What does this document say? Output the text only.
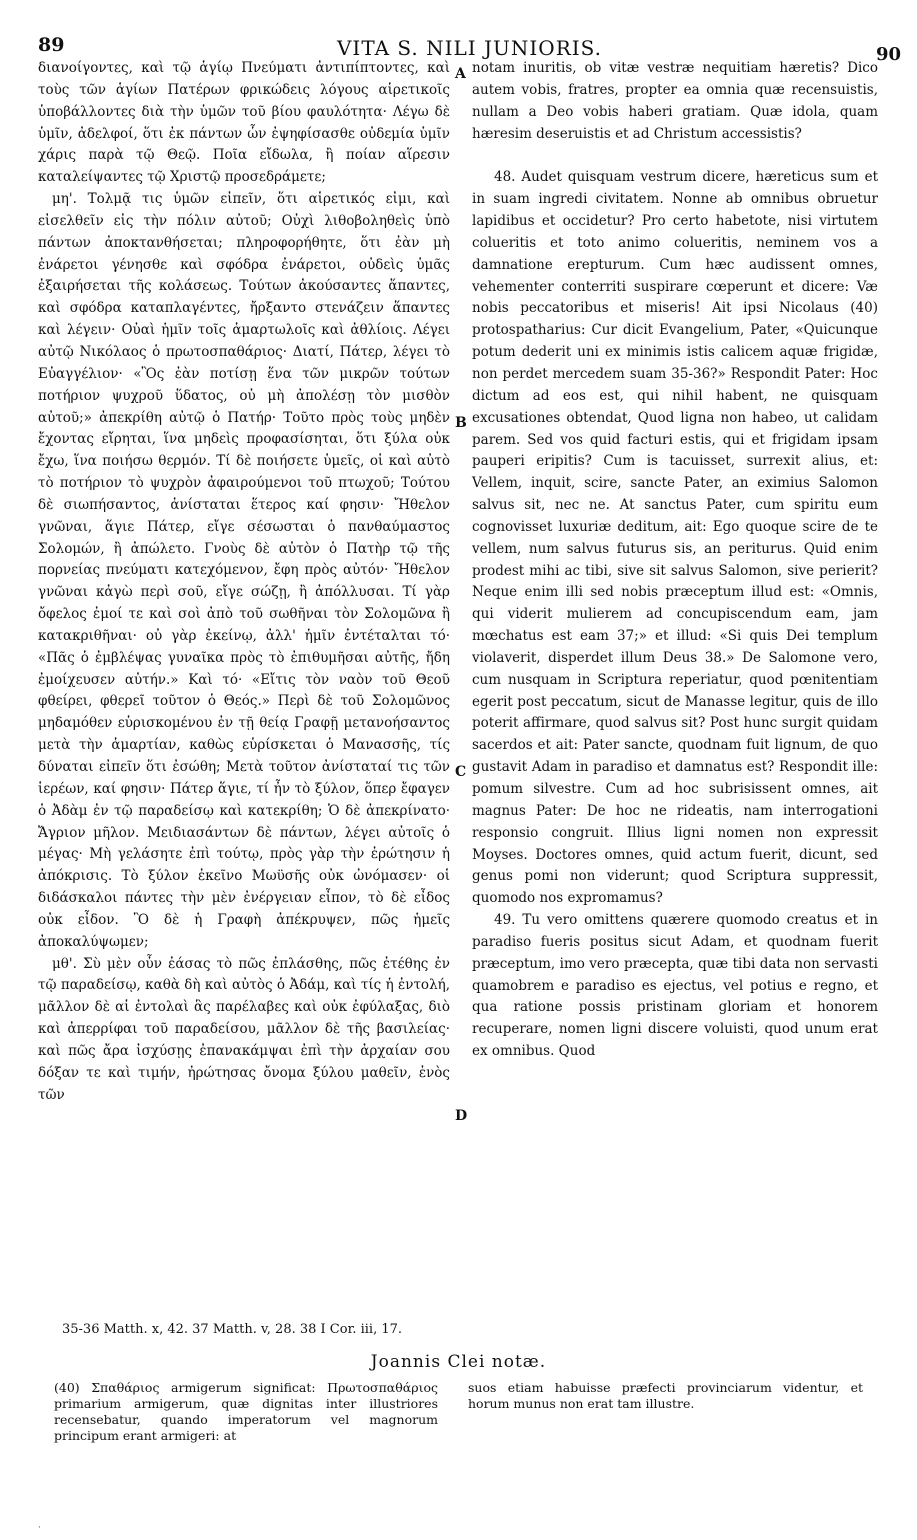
89	VITA S. NILI JUNIORIS.	90

διανοίγοντες, καὶ τῷ ἁγίῳ Πνεύματι ἀντιπίπτοντες, καὶ τοὺς τῶν ἁγίων Πατέρων φρικώδεις λόγους αἱρετικοῖς ὑποβάλλοντες διὰ τὴν ὑμῶν τοῦ βίου φαυλότητα· Λέγω δὲ ὑμῖν, ἀδελφοί, ὅτι ἐκ πάντων ὧν ἐψηφίσασθε οὐδεμία ὑμῖν χάρις παρὰ τῷ Θεῷ. Ποῖα εἴδωλα, ἢ ποίαν αἵρεσιν καταλείψαντες τῷ Χριστῷ προσεδράμετε;

μη'. Τολμᾷ τις ὑμῶν εἰπεῖν, ὅτι αἱρετικός εἰμι, καὶ εἰσελθεῖν εἰς τὴν πόλιν αὐτοῦ; Οὐχὶ λιθοβοληθεὶς ὑπὸ πάντων ἀποκτανθήσεται; πληροφορήθητε, ὅτι ἐὰν μὴ ἐνάρετοι γένησθε καὶ σφόδρα ἐνάρετοι, οὐδεὶς ὑμᾶς ἐξαιρήσεται τῆς κολάσεως. Τούτων ἀκούσαντες ἅπαντες, καὶ σφόδρα καταπλαγέντες, ἤρξαντο στενάζειν ἅπαντες καὶ λέγειν· Οὐαὶ ἡμῖν τοῖς ἁμαρτωλοῖς καὶ ἀθλίοις. Λέγει αὐτῷ Νικόλαος ὁ πρωτοσπαθάριος· Διατί, Πάτερ, λέγει τὸ Εὐαγγέλιον· «Ὃς ἐὰν ποτίσῃ ἕνα τῶν μικρῶν τούτων ποτήριον ψυχροῦ ὕδατος, οὐ μὴ ἀπολέσῃ τὸν μισθὸν αὐτοῦ;» ἀπεκρίθη αὐτῷ ὁ Πατήρ· Τοῦτο πρὸς τοὺς μηδὲν ἔχοντας εἴρηται, ἵνα μηδεὶς προφασίσηται, ὅτι ξύλα οὐκ ἔχω, ἵνα ποιήσω θερμόν. Τί δὲ ποιήσετε ὑμεῖς, οἱ καὶ αὐτὸ τὸ ποτήριον τὸ ψυχρὸν ἀφαιρούμενοι τοῦ πτωχοῦ; Τούτου δὲ σιωπήσαντος, ἀνίσταται ἕτερος καί φησιν· Ἤθελον γνῶναι, ἅγιε Πάτερ, εἴγε σέσωσται ὁ πανθαύμαστος Σολομών, ἢ ἀπώλετο. Γνοὺς δὲ αὐτὸν ὁ Πατὴρ τῷ τῆς πορνείας πνεύματι κατεχόμενον, ἔφη πρὸς αὐτόν· Ἤθελον γνῶναι κἀγὼ περὶ σοῦ, εἴγε σώζῃ, ἢ ἀπόλλυσαι. Τί γὰρ ὄφελος ἐμοί τε καὶ σοὶ ἀπὸ τοῦ σωθῆναι τὸν Σολομῶνα ἢ κατακριθῆναι· οὐ γὰρ ἐκείνῳ, ἀλλ' ἡμῖν ἐντέταλται τό· «Πᾶς ὁ ἐμβλέψας γυναῖκα πρὸς τὸ ἐπιθυμῆσαι αὐτῆς, ἤδη ἐμοίχευσεν αὐτήν.» Καὶ τό· «Εἴτις τὸν ναὸν τοῦ Θεοῦ φθείρει, φθερεῖ τοῦτον ὁ Θεός.» Περὶ δὲ τοῦ Σολομῶνος μηδαμόθεν εὑρισκομένου ἐν τῇ θείᾳ Γραφῇ μετανοήσαντος μετὰ τὴν ἁμαρτίαν, καθὼς εὑρίσκεται ὁ Μανασσῆς, τίς δύναται εἰπεῖν ὅτι ἐσώθη; Μετὰ τοῦτον ἀνίσταταί τις τῶν ἱερέων, καί φησιν· Πάτερ ἅγιε, τί ἦν τὸ ξύλον, ὅπερ ἔφαγεν ὁ Ἀδὰμ ἐν τῷ παραδείσῳ καὶ κατεκρίθη; Ὁ δὲ ἀπεκρίνατο· Ἄγριον μῆλον. Μειδιασάντων δὲ πάντων, λέγει αὐτοῖς ὁ μέγας· Μὴ γελάσητε ἐπὶ τούτῳ, πρὸς γὰρ τὴν ἐρώτησιν ἡ ἀπόκρισις. Τὸ ξύλον ἐκεῖνο Μωϋσῆς οὐκ ὠνόμασεν· οἱ διδάσκαλοι πάντες τὴν μὲν ἐνέργειαν εἶπον, τὸ δὲ εἶδος οὐκ εἶδον. Ὃ δὲ ἡ Γραφὴ ἀπέκρυψεν, πῶς ἡμεῖς ἀποκαλύψωμεν;

μθ'. Σὺ μὲν οὖν ἐάσας τὸ πῶς ἐπλάσθης, πῶς ἐτέθης ἐν τῷ παραδείσῳ, καθὰ δὴ καὶ αὐτὸς ὁ Ἀδάμ, καὶ τίς ἡ ἐντολή, μᾶλλον δὲ αἱ ἐντολαὶ ἃς παρέλαβες καὶ οὐκ ἐφύλαξας, διὸ καὶ ἀπερρίφαι τοῦ παραδείσου, μᾶλλον δὲ τῆς βασιλείας· καὶ πῶς ἄρα ἰσχύσῃς ἐπανακάμψαι ἐπὶ τὴν ἀρχαίαν σου δόξαν τε καὶ τιμήν, ἠρώτησας ὄνομα ξύλου μαθεῖν, ἑνὸς τῶν

notam inuritis, ob vitæ vestræ nequitiam hæretis? Dico autem vobis, fratres, propter ea omnia quæ recensuistis, nullam a Deo vobis haberi gratiam. Quæ idola, quam hæresim deseruistis et ad Christum accessistis?

48. Audet quisquam vestrum dicere, hæreticus sum et in suam ingredi civitatem. Nonne ab omnibus obruetur lapidibus et occidetur? Pro certo habetote, nisi virtutem colueritis et toto animo colueritis, neminem vos a damnatione erepturum. Cum hæc audissent omnes, vehementer conterriti suspirare cœperunt et dicere: Væ nobis peccatoribus et miseris! Ait ipsi Nicolaus (40) protospatharius: Cur dicit Evangelium, Pater, «Quicunque potum dederit uni ex minimis istis calicem aquæ frigidæ, non perdet mercedem suam 35-36?» Respondit Pater: Hoc dictum ad eos est, qui nihil habent, ne quisquam excusationes obtendat, Quod ligna non habeo, ut calidam parem. Sed vos quid facturi estis, qui et frigidam ipsam pauperi eripitis? Cum is tacuisset, surrexit alius, et: Vellem, inquit, scire, sancte Pater, an eximius Salomon salvus sit, nec ne. At sanctus Pater, cum spiritu eum cognovisset luxuriæ deditum, ait: Ego quoque scire de te vellem, num salvus futurus sis, an periturus. Quid enim prodest mihi ac tibi, sive sit salvus Salomon, sive perierit? Neque enim illi sed nobis præceptum illud est: «Omnis, qui viderit mulierem ad concupiscendum eam, jam mœchatus est eam 37;» et illud: «Si quis Dei templum violaverit, disperdet illum Deus 38.» De Salomone vero, cum nusquam in Scriptura reperiatur, quod pœnitentiam egerit post peccatum, sicut de Manasse legitur, quis de illo poterit affirmare, quod salvus sit? Post hunc surgit quidam sacerdos et ait: Pater sancte, quodnam fuit lignum, de quo gustavit Adam in paradiso et damnatus est? Respondit ille: pomum silvestre. Cum ad hoc subrisissent omnes, ait magnus Pater: De hoc ne rideatis, nam interrogationi responsio congruit. Illius ligni nomen non expressit Moyses. Doctores omnes, quid actum fuerit, dicunt, sed genus pomi non viderunt; quod Scriptura suppressit, quomodo nos expromamus?

49. Tu vero omittens quærere quomodo creatus et in paradiso fueris positus sicut Adam, et quodnam fuerit præceptum, imo vero præcepta, quæ tibi data non servasti quamobrem e paradiso es ejectus, vel potius e regno, et qua ratione possis pristinam gloriam et honorem recuperare, nomen ligni discere voluisti, quod unum erat ex omnibus. Quod

A
B
C
D
35-36 Matth. x, 42. 37 Matth. v, 28. 38 I Cor. iii, 17.
Joannis Clei notæ.
(40) Σπαθάριος armigerum significat: Πρωτοσπαθάριος primarium armigerum, quæ dignitas inter illustriores recensebatur, quando imperatorum vel magnorum principum erant armigeri: at
suos etiam habuisse præfecti provinciarum videntur, et horum munus non erat tam illustre.
·
